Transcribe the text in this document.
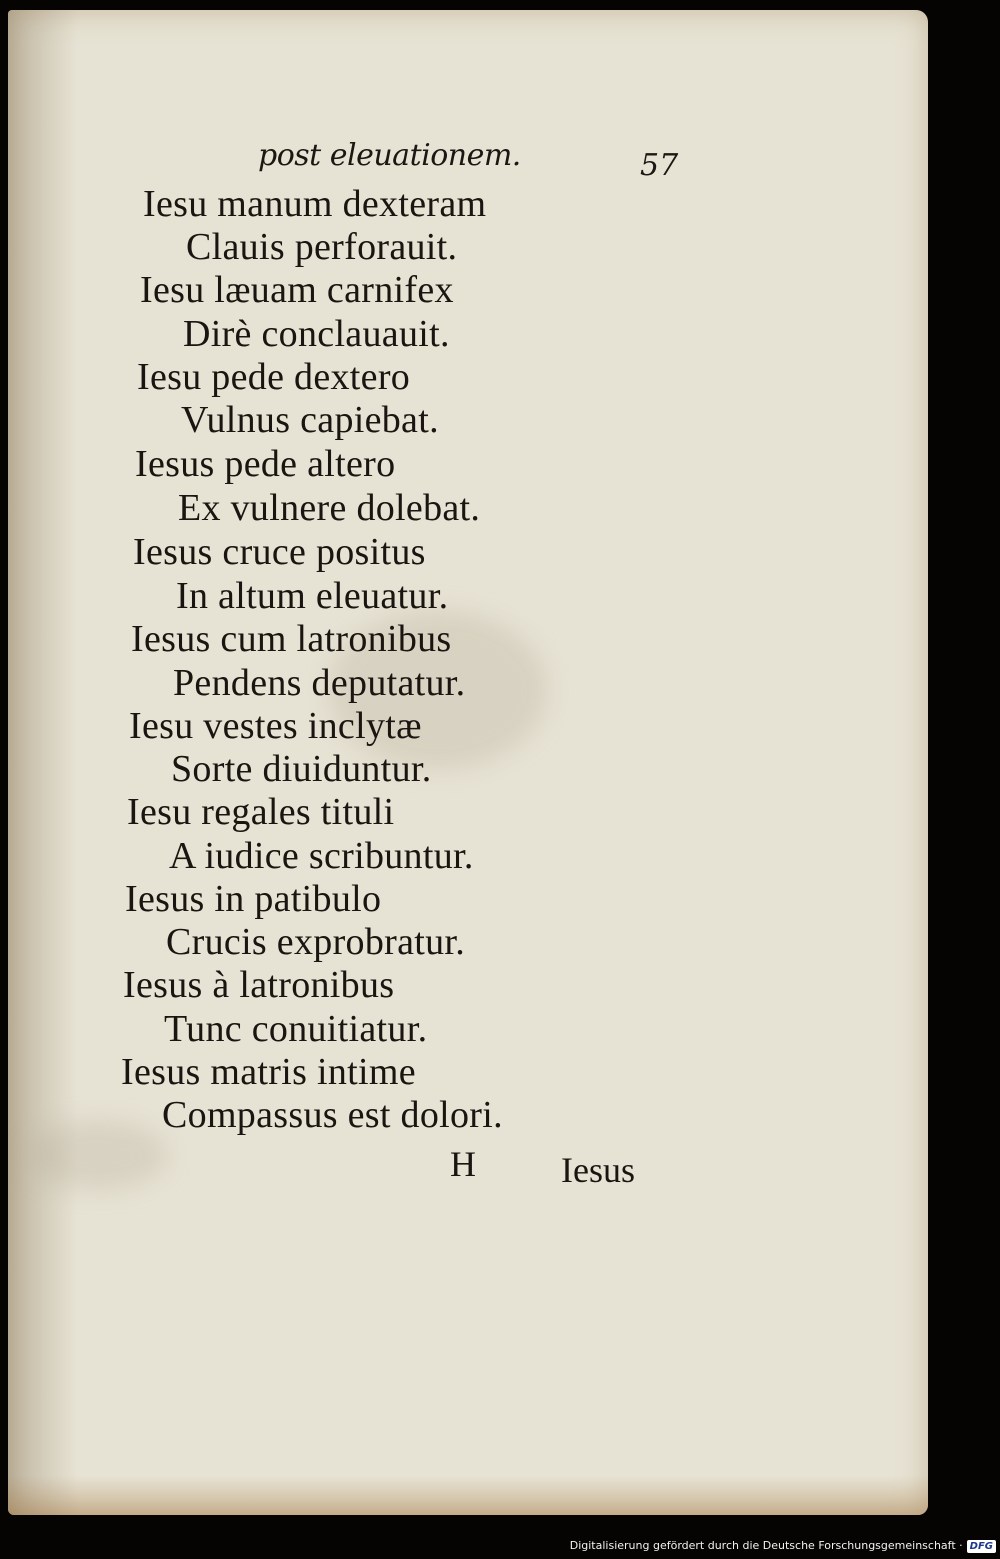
post eleuationem.	57
Iesu manum dexteram
Clauis perforauit.
Iesu læuam carnifex
Dirè conclauauit.
Iesu pede dextero
Vulnus capiebat.
Iesus pede altero
Ex vulnere dolebat.
Iesus cruce positus
In altum eleuatur.
Iesus cum latronibus
Pendens deputatur.
Iesu vestes inclytæ
Sorte diuiduntur.
Iesu regales tituli
A iudice scribuntur.
Iesus in patibulo
Crucis exprobratur.
Iesus à latronibus
Tunc conuitiatur.
Iesus matris intime
Compassus est dolori.
H Iesus
Digitalisierung gefördert durch die Deutsche Forschungsgemeinschaft · DFG
